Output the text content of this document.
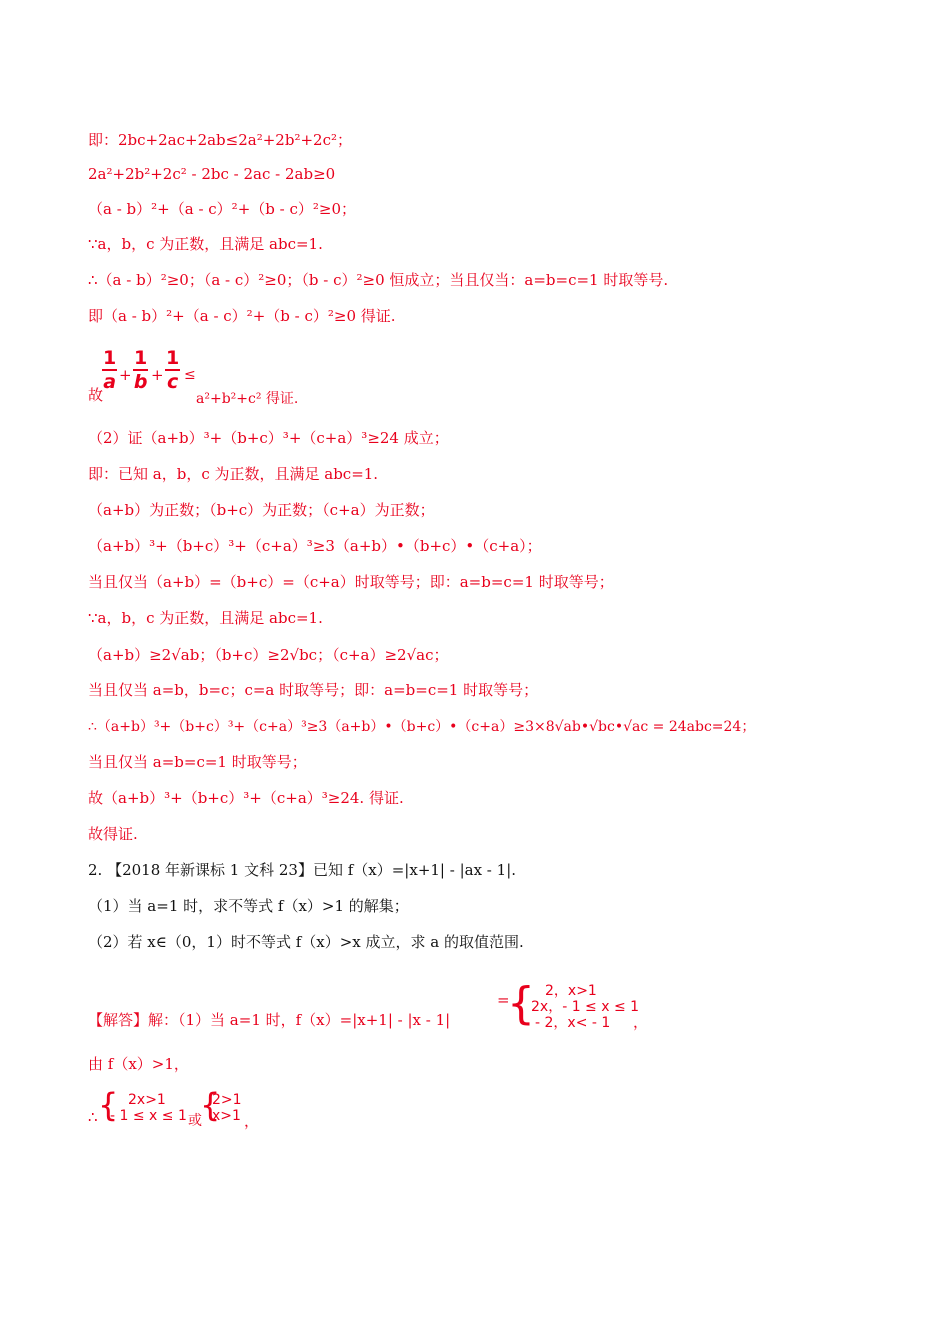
即：2bc+2ac+2ab≤2a²+2b²+2c²；
2a²+2b²+2c² - 2bc - 2ac - 2ab≥0
（a - b）²+（a - c）²+（b - c）²≥0；
∵a，b，c 为正数，且满足 abc=1.
∴（a - b）²≥0；（a - c）²≥0；（b - c）²≥0 恒成立；当且仅当：a=b=c=1 时取等号.
即（a - b）²+（a - c）²+（b - c）²≥0 得证.
故
$\frac{1}{a} + \frac{1}{b} + \frac{1}{c}$ ≤
a²+b²+c² 得证.
（2）证（a+b）³+（b+c）³+（c+a）³≥24 成立；
即：已知 a，b，c 为正数，且满足 abc=1.
（a+b）为正数；（b+c）为正数；（c+a）为正数；
（a+b）³+（b+c）³+（c+a）³≥3（a+b）•（b+c）•（c+a）；
当且仅当（a+b）=（b+c）=（c+a）时取等号；即：a=b=c=1 时取等号；
∵a，b，c 为正数，且满足 abc=1.
（a+b）≥2√ab；（b+c）≥2√bc；（c+a）≥2√ac；
当且仅当 a=b，b=c；c=a 时取等号；即：a=b=c=1 时取等号；
∴（a+b）³+（b+c）³+（c+a）³≥3（a+b）•（b+c）•（c+a）≥3×8√ab•√bc•√ac = 24abc=24；
当且仅当 a=b=c=1 时取等号；
故（a+b）³+（b+c）³+（c+a）³≥24. 得证.
故得证.
2. 【2018 年新课标 1 文科 23】已知 f（x）=|x+1| - |ax - 1|.
（1）当 a=1 时，求不等式 f（x）>1 的解集；
（2）若 x∈（0，1）时不等式 f（x）>x 成立，求 a 的取值范围.
【解答】解：（1）当 a=1 时，f（x）=|x+1| - |x - 1|
=
{ 2，x>1
2x，- 1 ≤ x ≤ 1
- 2，x< - 1	，
由 f（x）>1，
∴ { 2x>1
- 1 ≤ x ≤ 1 或
{
2>1
x>1 ，
